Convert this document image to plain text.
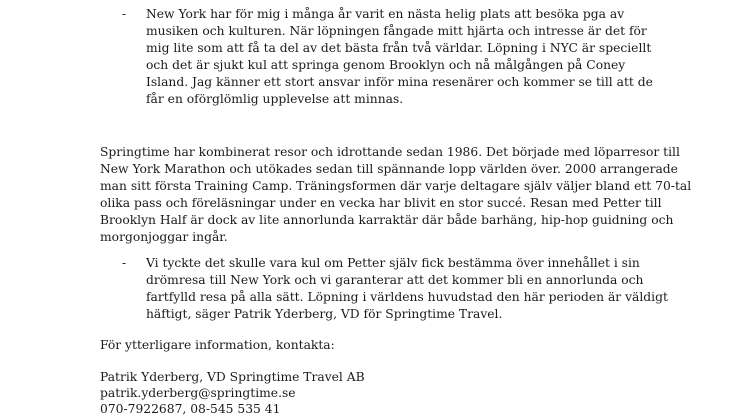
- New York har för mig i många år varit en nästa helig plats att besöka pga av
musiken och kulturen. När löpningen fångade mitt hjärta och intresse är det för
mig lite som att få ta del av det bästa från två världar. Löpning i NYC är speciellt
och det är sjukt kul att springa genom Brooklyn och nå målgången på Coney
Island. Jag känner ett stort ansvar inför mina resenärer och kommer se till att de
får en oförglömlig upplevelse att minnas.
Springtime har kombinerat resor och idrottande sedan 1986. Det började med löparresor till
New York Marathon och utökades sedan till spännande lopp världen över. 2000 arrangerade
man sitt första Training Camp. Träningsformen där varje deltagare själv väljer bland ett 70-tal
olika pass och föreläsningar under en vecka har blivit en stor succé. Resan med Petter till
Brooklyn Half är dock av lite annorlunda karraktär där både barhäng, hip-hop guidning och
morgonjoggar ingår.
- Vi tyckte det skulle vara kul om Petter själv fick bestämma över innehållet i sin
drömresa till New York och vi garanterar att det kommer bli en annorlunda och
fartfylld resa på alla sätt. Löpning i världens huvudstad den här perioden är väldigt
häftigt, säger Patrik Yderberg, VD för Springtime Travel.
För ytterligare information, kontakta:
Patrik Yderberg, VD Springtime Travel AB
patrik.yderberg@springtime.se
070-7922687, 08-545 535 41
